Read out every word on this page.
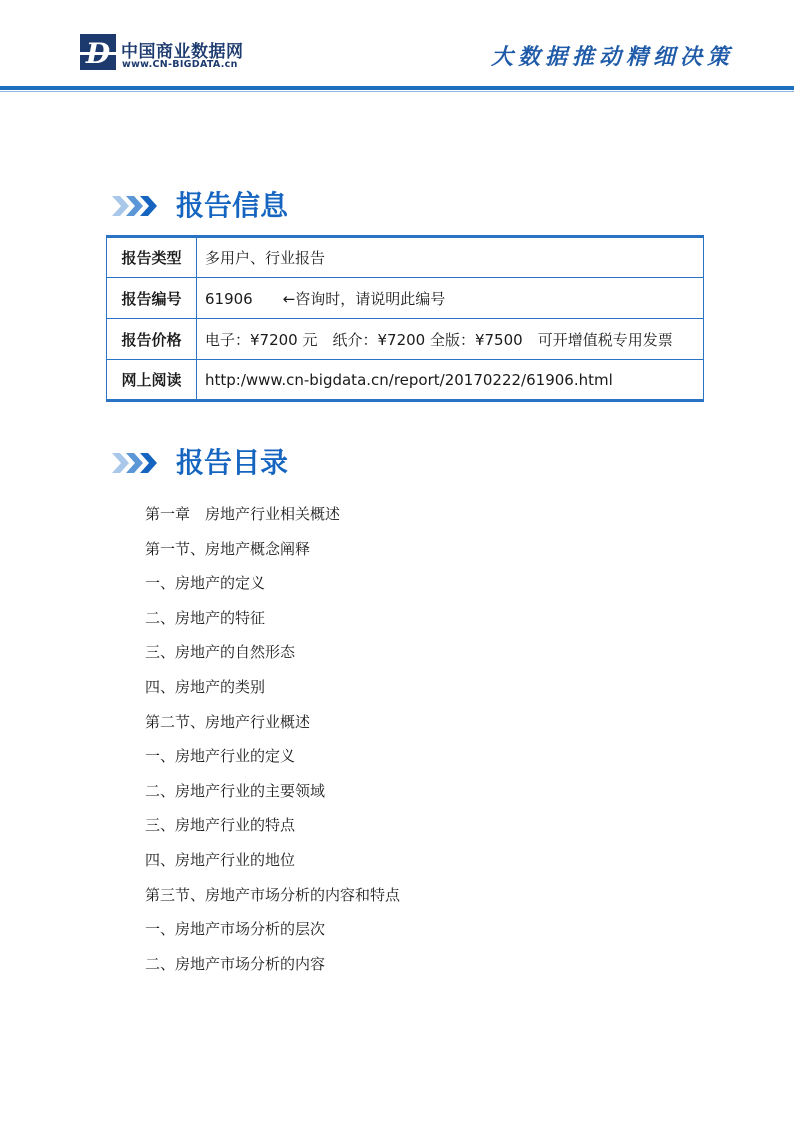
D 中国商业数据网
www.CN-BIGDATA.cn	大数据推动精细决策
报告信息
报告类型	多用户、行业报告
报告编号	61906 ←咨询时，请说明此编号
报告价格	电子：¥7200 元　纸介：¥7200 全版：¥7500　可开增值税专用发票
网上阅读	http:/www.cn-bigdata.cn/report/20170222/61906.html
报告目录
第一章　房地产行业相关概述
第一节、房地产概念阐释
一、房地产的定义
二、房地产的特征
三、房地产的自然形态
四、房地产的类别
第二节、房地产行业概述
一、房地产行业的定义
二、房地产行业的主要领域
三、房地产行业的特点
四、房地产行业的地位
第三节、房地产市场分析的内容和特点
一、房地产市场分析的层次
二、房地产市场分析的内容
